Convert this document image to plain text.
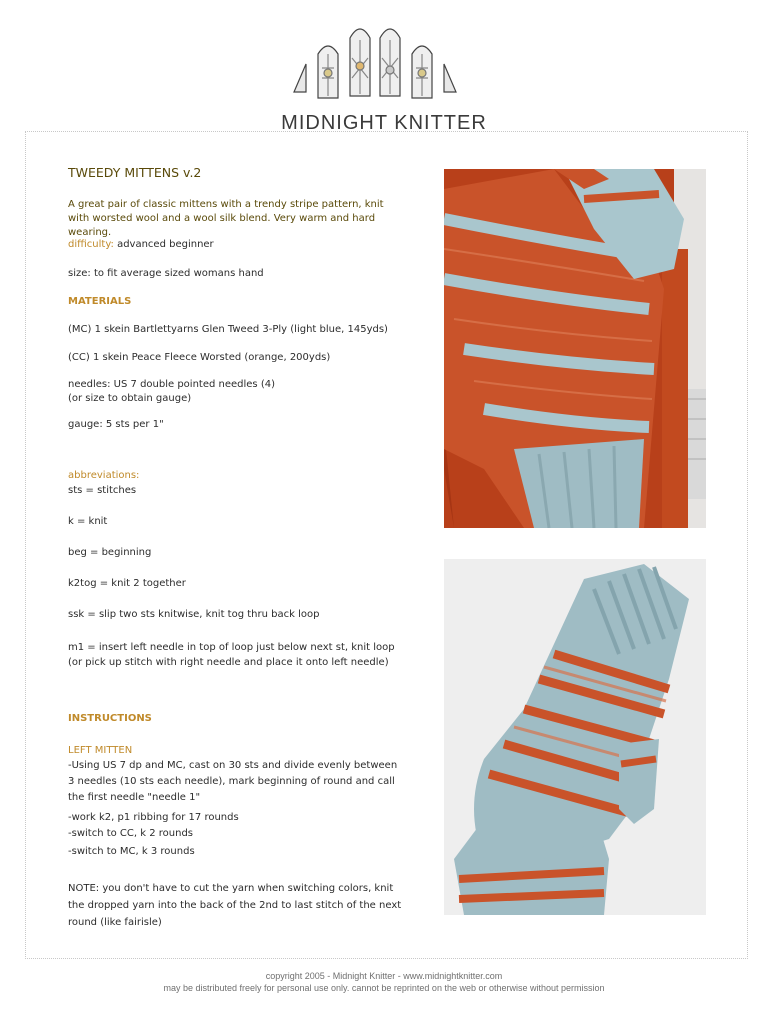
MIDNIGHT KNITTER
TWEEDY MITTENS v.2
A great pair of classic mittens with a trendy stripe pattern, knit with worsted wool and a wool silk blend. Very warm and hard wearing.
difficulty: advanced beginner
size: to fit average sized womans hand
MATERIALS
(MC) 1 skein Bartlettyarns Glen Tweed 3-Ply (light blue, 145yds)
(CC) 1 skein Peace Fleece Worsted (orange, 200yds)
needles: US 7 double pointed needles (4)
(or size to obtain gauge)
gauge: 5 sts per 1"
abbreviations:
sts = stitches
k = knit
beg = beginning
k2tog = knit 2 together
ssk = slip two sts knitwise, knit tog thru back loop
m1 = insert left needle in top of loop just below next st, knit loop (or pick up stitch with right needle and place it onto left needle)
INSTRUCTIONS
LEFT MITTEN
-Using US 7 dp and MC, cast on 30 sts and divide evenly between 3 needles (10 sts each needle), mark beginning of round and call the first needle "needle 1"
-work k2, p1 ribbing for 17 rounds
-switch to CC, k 2 rounds
-switch to MC, k 3 rounds
NOTE: you don't have to cut the yarn when switching colors, knit the dropped yarn into the back of the 2nd to last stitch of the next round (like fairisle)
copyright 2005 - Midnight Knitter - www.midnightknitter.com
may be distributed freely for personal use only. cannot be reprinted on the web or otherwise without permission
